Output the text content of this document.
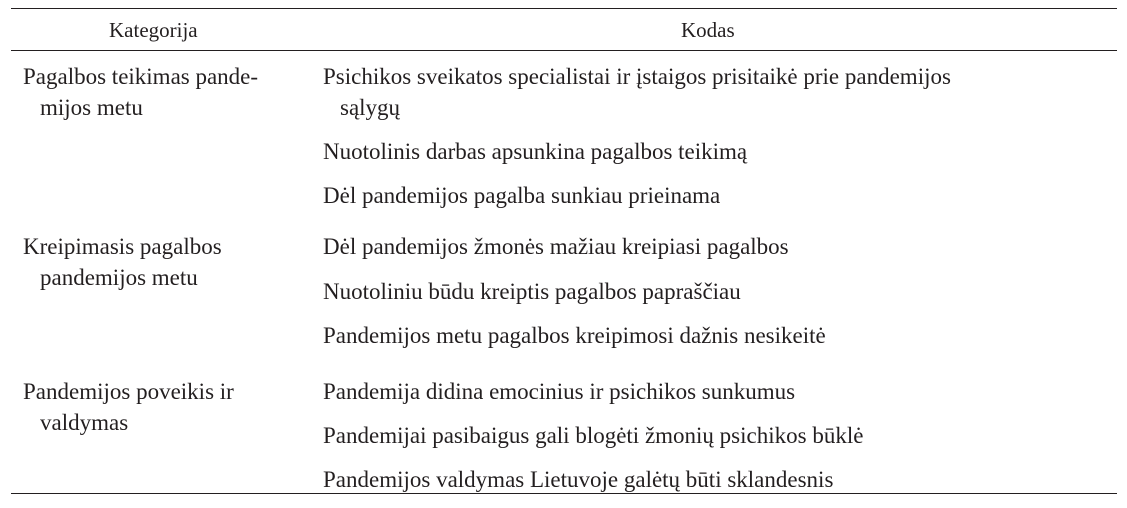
Kategorija	Kodas
Pagalbos teikimas pande-
mijos metu
Psichikos sveikatos specialistai ir įstaigos prisitaikė prie pandemijos
sąlygų
Nuotolinis darbas apsunkina pagalbos teikimą
Dėl pandemijos pagalba sunkiau prieinama
Kreipimasis pagalbos
pandemijos metu
Dėl pandemijos žmonės mažiau kreipiasi pagalbos
Nuotoliniu būdu kreiptis pagalbos papraščiau
Pandemijos metu pagalbos kreipimosi dažnis nesikeitė
Pandemijos poveikis ir
valdymas
Pandemija didina emocinius ir psichikos sunkumus
Pandemijai pasibaigus gali blogėti žmonių psichikos būklė
Pandemijos valdymas Lietuvoje galėtų būti sklandesnis
